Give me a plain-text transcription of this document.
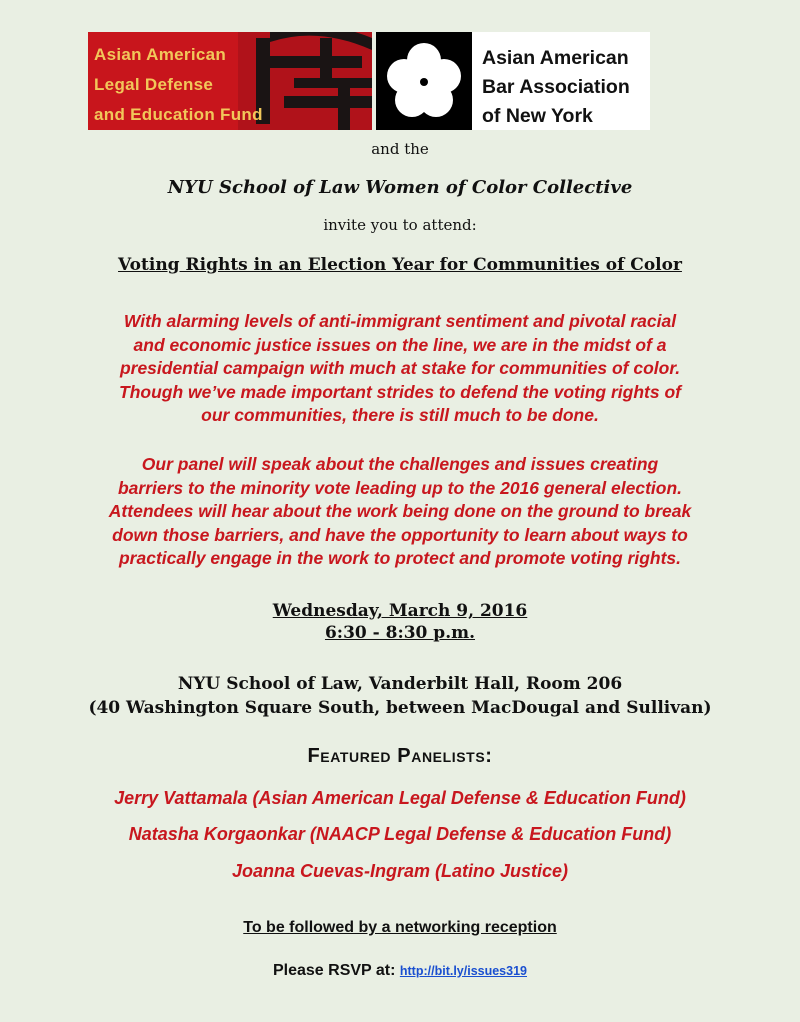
Asian American
Legal Defense
and Education Fund
Asian American
Bar Association
of New York
and the
NYU School of Law Women of Color Collective
invite you to attend:
Voting Rights in an Election Year for Communities of Color
With alarming levels of anti-immigrant sentiment and pivotal racial
and economic justice issues on the line, we are in the midst of a
presidential campaign with much at stake for communities of color.
Though we’ve made important strides to defend the voting rights of
our communities, there is still much to be done.
Our panel will speak about the challenges and issues creating
barriers to the minority vote leading up to the 2016 general election.
Attendees will hear about the work being done on the ground to break
down those barriers, and have the opportunity to learn about ways to
practically engage in the work to protect and promote voting rights.
Wednesday, March 9, 2016
6:30 - 8:30 p.m.
NYU School of Law, Vanderbilt Hall, Room 206
(40 Washington Square South, between MacDougal and Sullivan)
Featured Panelists:
Jerry Vattamala (Asian American Legal Defense & Education Fund)
Natasha Korgaonkar (NAACP Legal Defense & Education Fund)
Joanna Cuevas-Ingram (Latino Justice)
To be followed by a networking reception
Please RSVP at: http://bit.ly/issues319
